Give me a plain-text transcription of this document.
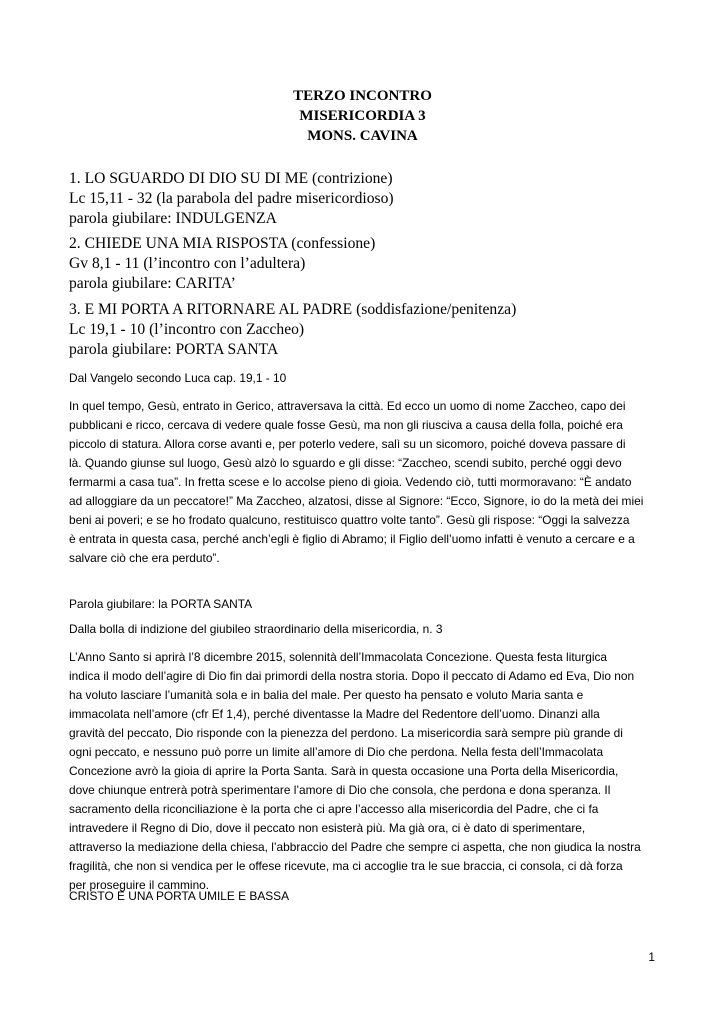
TERZO INCONTRO
MISERICORDIA 3
MONS. CAVINA
1. LO SGUARDO DI DIO SU DI ME (contrizione)
Lc 15,11 - 32 (la parabola del padre misericordioso)
parola giubilare: INDULGENZA
2. CHIEDE UNA MIA RISPOSTA (confessione)
Gv 8,1 - 11 (l’incontro con l’adultera)
parola giubilare: CARITA’
3. E MI PORTA A RITORNARE AL PADRE (soddisfazione/penitenza)
Lc 19,1 - 10 (l’incontro con Zaccheo)
parola giubilare: PORTA SANTA
Dal Vangelo secondo Luca cap. 19,1 - 10
In quel tempo, Gesù, entrato in Gerico, attraversava la città. Ed ecco un uomo di nome Zaccheo, capo dei
pubblicani e ricco, cercava di vedere quale fosse Gesù, ma non gli riusciva a causa della folla, poiché era
piccolo di statura. Allora corse avanti e, per poterlo vedere, salì su un sicomoro, poiché doveva passare di
là. Quando giunse sul luogo, Gesù alzò lo sguardo e gli disse: “Zaccheo, scendi subito, perché oggi devo
fermarmi a casa tua”. In fretta scese e lo accolse pieno di gioia. Vedendo ciò, tutti mormoravano: “È andato
ad alloggiare da un peccatore!” Ma Zaccheo, alzatosi, disse al Signore: “Ecco, Signore, io do la metà dei miei
beni ai poveri; e se ho frodato qualcuno, restituisco quattro volte tanto”. Gesù gli rispose: “Oggi la salvezza
è entrata in questa casa, perché anch’egli è figlio di Abramo; il Figlio dell’uomo infatti è venuto a cercare e a
salvare ciò che era perduto”.
Parola giubilare: la PORTA SANTA
Dalla bolla di indizione del giubileo straordinario della misericordia, n. 3
L’Anno Santo si aprirà l’8 dicembre 2015, solennità dell’Immacolata Concezione. Questa festa liturgica
indica il modo dell’agire di Dio fin dai primordi della nostra storia. Dopo il peccato di Adamo ed Eva, Dio non
ha voluto lasciare l’umanità sola e in balia del male. Per questo ha pensato e voluto Maria santa e
immacolata nell’amore (cfr Ef 1,4), perché diventasse la Madre del Redentore dell’uomo. Dinanzi alla
gravità del peccato, Dio risponde con la pienezza del perdono. La misericordia sarà sempre più grande di
ogni peccato, e nessuno può porre un limite all’amore di Dio che perdona. Nella festa dell’Immacolata
Concezione avrò la gioia di aprire la Porta Santa. Sarà in questa occasione una Porta della Misericordia,
dove chiunque entrerà potrà sperimentare l’amore di Dio che consola, che perdona e dona speranza. Il
sacramento della riconciliazione è la porta che ci apre l’accesso alla misericordia del Padre, che ci fa
intravedere il Regno di Dio, dove il peccato non esisterà più. Ma già ora, ci è dato di sperimentare,
attraverso la mediazione della chiesa, l’abbraccio del Padre che sempre ci aspetta, che non giudica la nostra
fragilità, che non si vendica per le offese ricevute, ma ci accoglie tra le sue braccia, ci consola, ci dà forza
per proseguire il cammino.
CRISTO È UNA PORTA UMILE E BASSA
1
